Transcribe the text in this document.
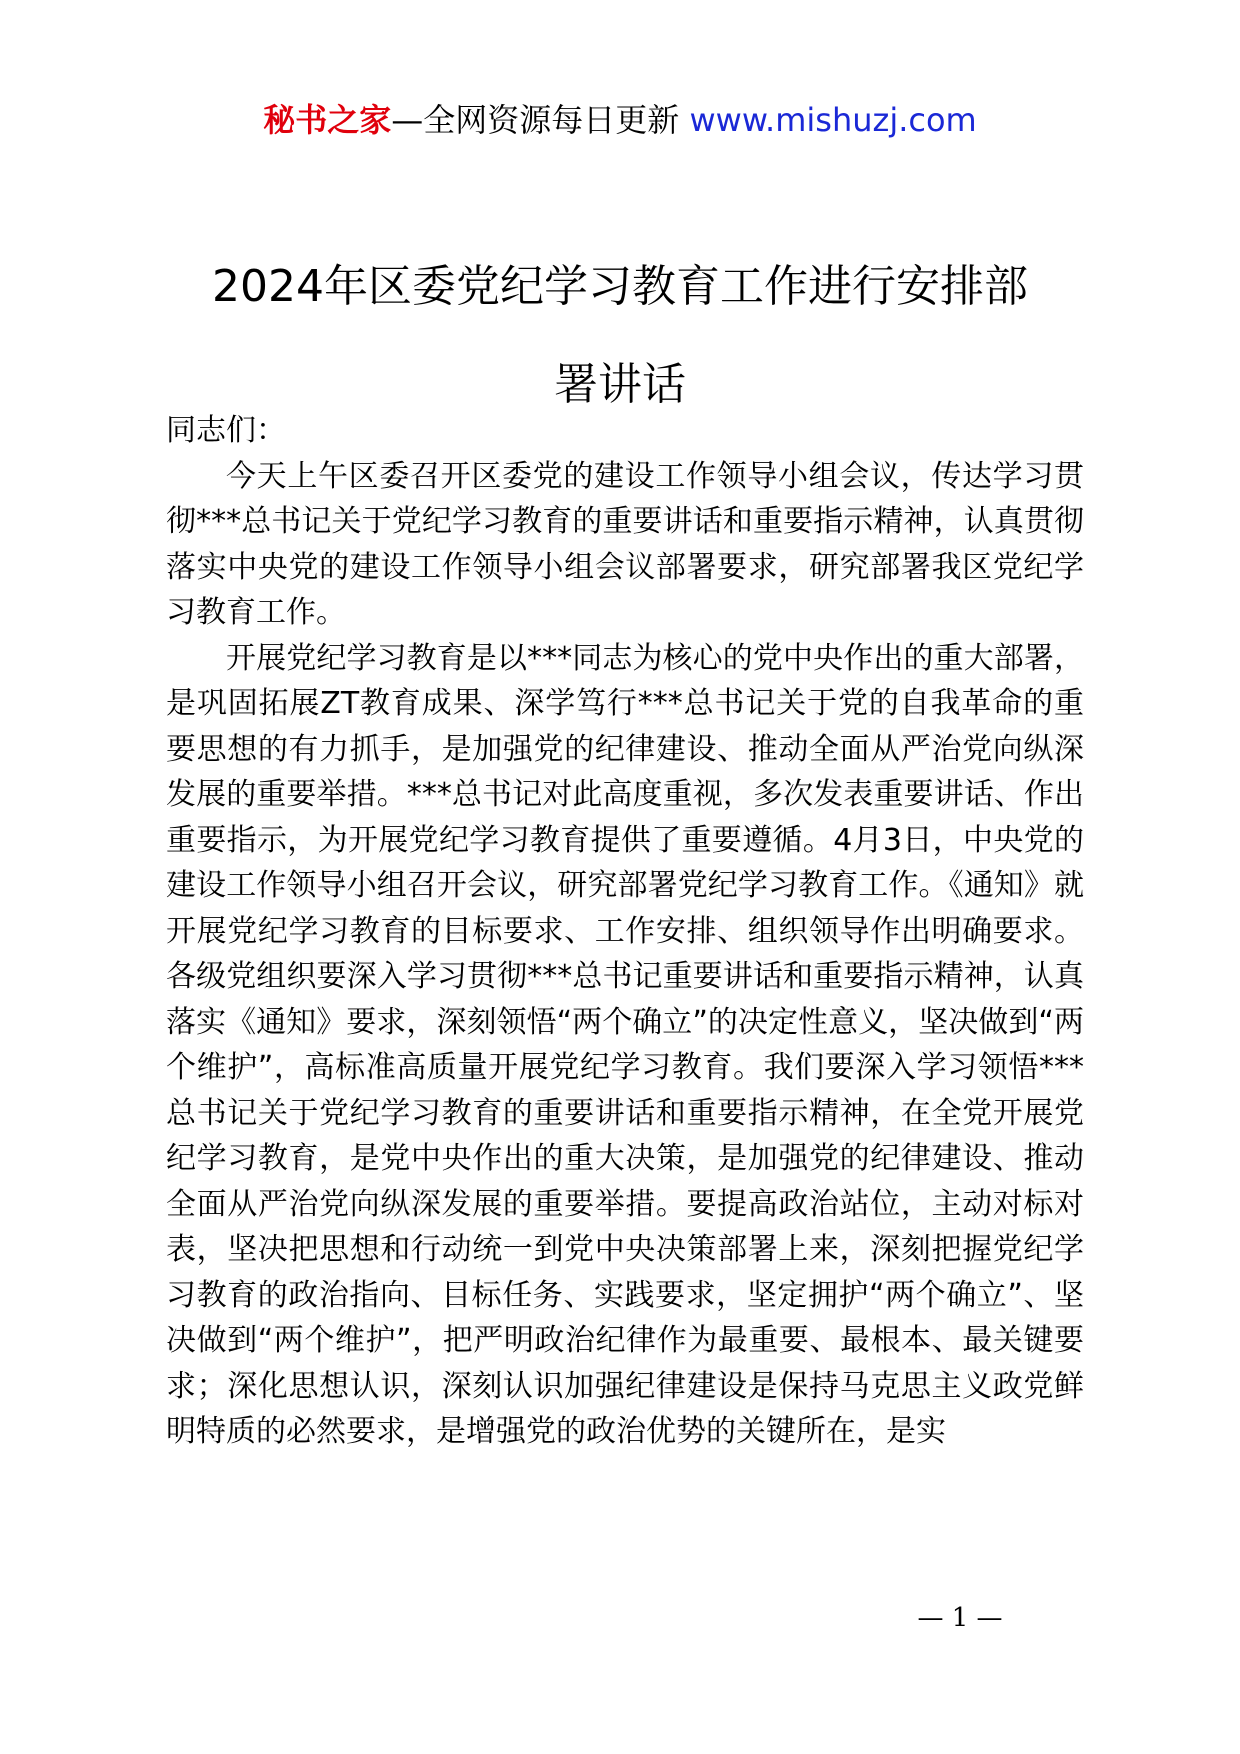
秘书之家—全网资源每日更新 www.mishuzj.com
2024年区委党纪学习教育工作进行安排部
署讲话

同志们：

今天上午区委召开区委党的建设工作领导小组会议，传达学习贯彻***总书记关于党纪学习教育的重要讲话和重要指示精神，认真贯彻落实中央党的建设工作领导小组会议部署要求，研究部署我区党纪学习教育工作。

开展党纪学习教育是以***同志为核心的党中央作出的重大部署，是巩固拓展ZT教育成果、深学笃行***总书记关于党的自我革命的重要思想的有力抓手，是加强党的纪律建设、推动全面从严治党向纵深发展的重要举措。***总书记对此高度重视，多次发表重要讲话、作出重要指示，为开展党纪学习教育提供了重要遵循。4月3日，中央党的建设工作领导小组召开会议，研究部署党纪学习教育工作。《通知》就开展党纪学习教育的目标要求、工作安排、组织领导作出明确要求。各级党组织要深入学习贯彻***总书记重要讲话和重要指示精神，认真落实《通知》要求，深刻领悟“两个确立”的决定性意义，坚决做到“两个维护”，高标准高质量开展党纪学习教育。我们要深入学习领悟***总书记关于党纪学习教育的重要讲话和重要指示精神，在全党开展党纪学习教育，是党中央作出的重大决策，是加强党的纪律建设、推动全面从严治党向纵深发展的重要举措。要提高政治站位，主动对标对表，坚决把思想和行动统一到党中央决策部署上来，深刻把握党纪学习教育的政治指向、目标任务、实践要求，坚定拥护“两个确立”、坚决做到“两个维护”，把严明政治纪律作为最重要、最根本、最关键要求；深化思想认识，深刻认识加强纪律建设是保持马克思主义政党鲜明特质的必然要求，是增强党的政治优势的关键所在，是实

— 1 —
